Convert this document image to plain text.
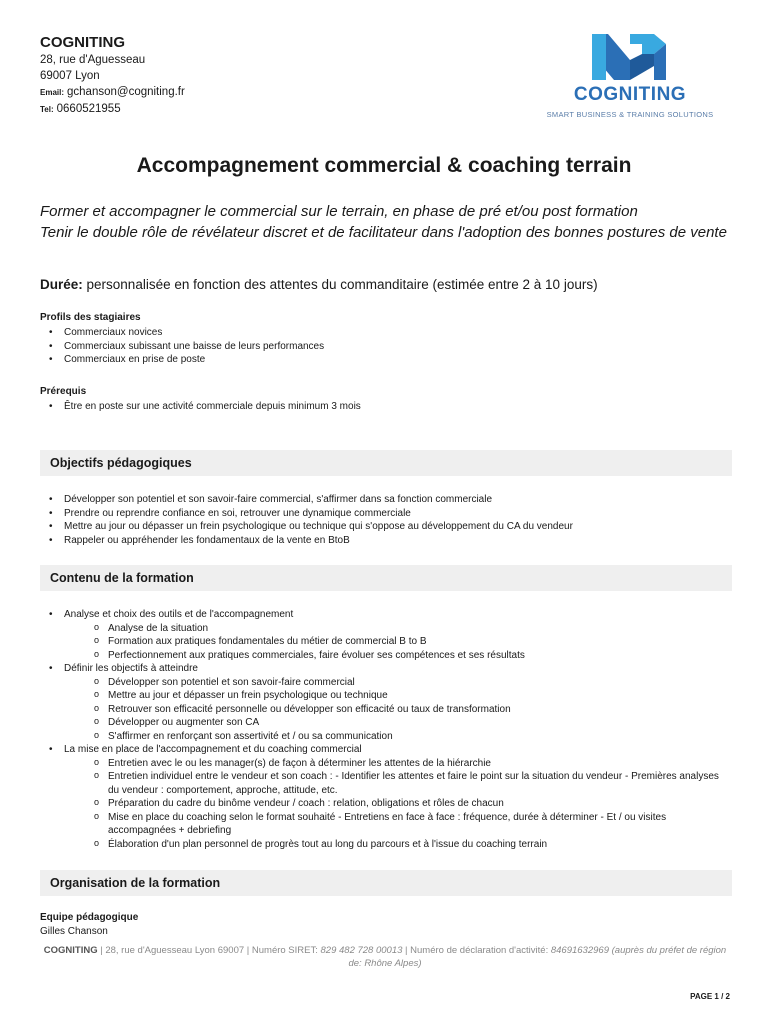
COGNITING
28, rue d'Aguesseau
69007 Lyon
Email: gchanson@cogniting.fr
Tel: 0660521955
COGNITING
SMART BUSINESS & TRAINING SOLUTIONS
Accompagnement commercial & coaching terrain
Former et accompagner le commercial sur le terrain, en phase de pré et/ou post formation
Tenir le double rôle de révélateur discret et de facilitateur dans l'adoption des bonnes postures de vente
Durée: personnalisée en fonction des attentes du commanditaire (estimée entre 2 à 10 jours)
Profils des stagiaires
• Commerciaux novices
• Commerciaux subissant une baisse de leurs performances
• Commerciaux en prise de poste
Prérequis
• Être en poste sur une activité commerciale depuis minimum 3 mois
Objectifs pédagogiques
• Développer son potentiel et son savoir-faire commercial, s'affirmer dans sa fonction commerciale
• Prendre ou reprendre confiance en soi, retrouver une dynamique commerciale
• Mettre au jour ou dépasser un frein psychologique ou technique qui s'oppose au développement du CA du vendeur
• Rappeler ou appréhender les fondamentaux de la vente en BtoB
Contenu de la formation
• Analyse et choix des outils et de l'accompagnement
o Analyse de la situation
o Formation aux pratiques fondamentales du métier de commercial B to B
o Perfectionnement aux pratiques commerciales, faire évoluer ses compétences et ses résultats
• Définir les objectifs à atteindre
o Développer son potentiel et son savoir-faire commercial
o Mettre au jour et dépasser un frein psychologique ou technique
o Retrouver son efficacité personnelle ou développer son efficacité ou taux de transformation
o Développer ou augmenter son CA
o S'affirmer en renforçant son assertivité et / ou sa communication
• La mise en place de l'accompagnement et du coaching commercial
o Entretien avec le ou les manager(s) de façon à déterminer les attentes de la hiérarchie
o Entretien individuel entre le vendeur et son coach : - Identifier les attentes et faire le point sur la situation du vendeur - Premières analyses du vendeur : comportement, approche, attitude, etc.
o Préparation du cadre du binôme vendeur / coach : relation, obligations et rôles de chacun
o Mise en place du coaching selon le format souhaité - Entretiens en face à face : fréquence, durée à déterminer - Et / ou visites accompagnées + debriefing
o Élaboration d'un plan personnel de progrès tout au long du parcours et à l'issue du coaching terrain
Organisation de la formation
Equipe pédagogique
Gilles Chanson
COGNITING | 28, rue d'Aguesseau Lyon 69007 | Numéro SIRET: 829 482 728 00013 | Numéro de déclaration d'activité: 84691632969 (auprès du préfet de région de: Rhône Alpes)
PAGE 1 / 2
